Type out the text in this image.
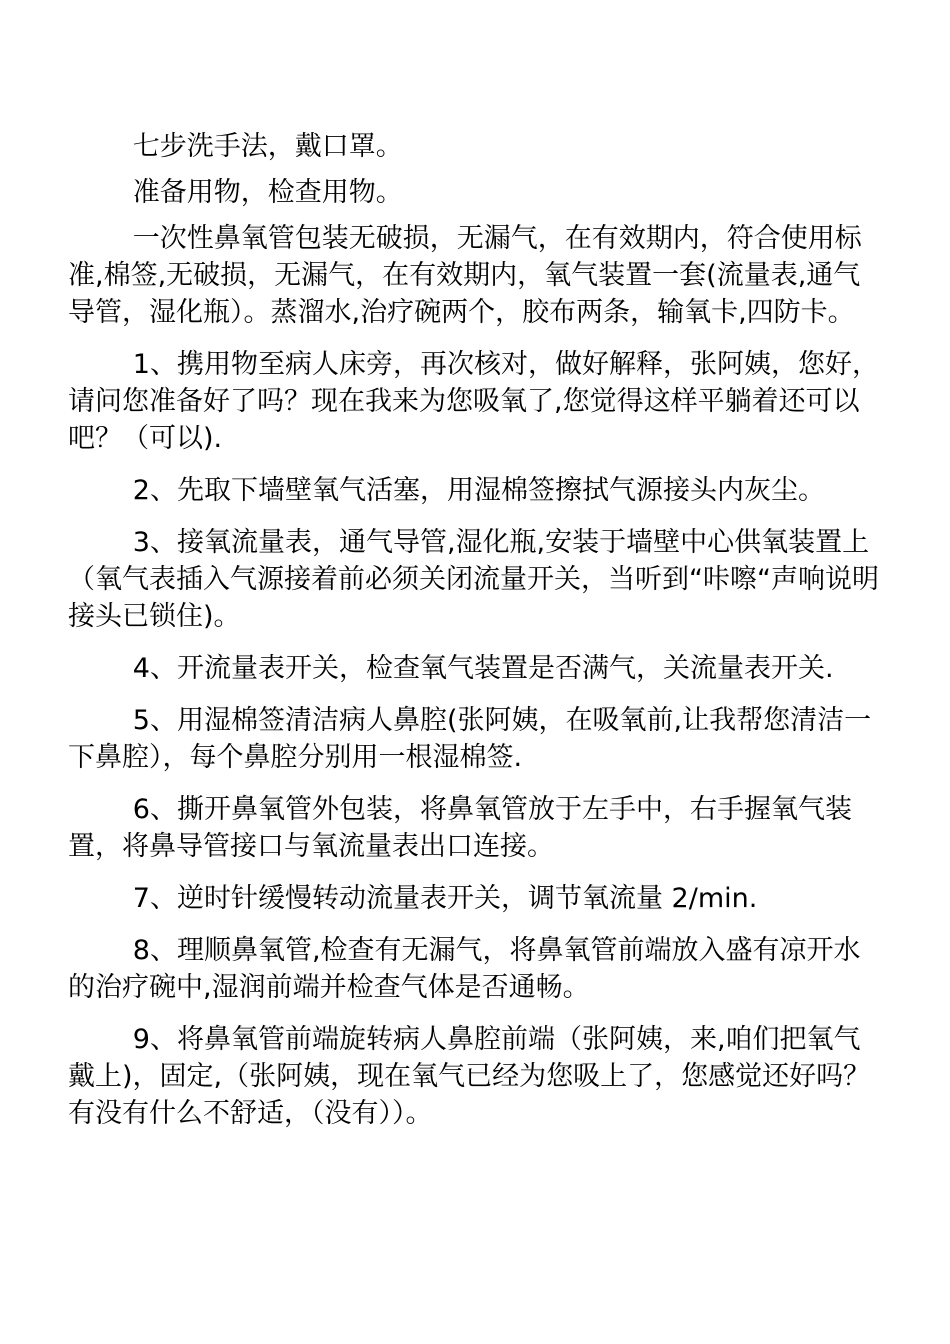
七步洗手法，戴口罩。

准备用物，检查用物。

一次性鼻氧管包装无破损，无漏气，在有效期内，符合使用标准,棉签,无破损，无漏气，在有效期内，氧气装置一套(流量表,通气导管，湿化瓶）。蒸溜水,治疗碗两个，胶布两条，输氧卡,四防卡。

1、携用物至病人床旁，再次核对，做好解释，张阿姨，您好，请问您准备好了吗？现在我来为您吸氧了,您觉得这样平躺着还可以吧？（可以).

2、先取下墙壁氧气活塞，用湿棉签擦拭气源接头内灰尘。

3、接氧流量表，通气导管,湿化瓶,安装于墙壁中心供氧装置上（氧气表插入气源接着前必须关闭流量开关，当听到“咔嚓“声响说明接头已锁住)。

4、开流量表开关，检查氧气装置是否满气，关流量表开关.

5、用湿棉签清洁病人鼻腔(张阿姨，在吸氧前,让我帮您清洁一下鼻腔），每个鼻腔分别用一根湿棉签.

6、撕开鼻氧管外包装，将鼻氧管放于左手中，右手握氧气装置，将鼻导管接口与氧流量表出口连接。

7、逆时针缓慢转动流量表开关，调节氧流量 2/min.

8、理顺鼻氧管,检查有无漏气，将鼻氧管前端放入盛有凉开水的治疗碗中,湿润前端并检查气体是否通畅。

9、将鼻氧管前端旋转病人鼻腔前端（张阿姨，来,咱们把氧气戴上)，固定,（张阿姨，现在氧气已经为您吸上了，您感觉还好吗？有没有什么不舒适，（没有））。
